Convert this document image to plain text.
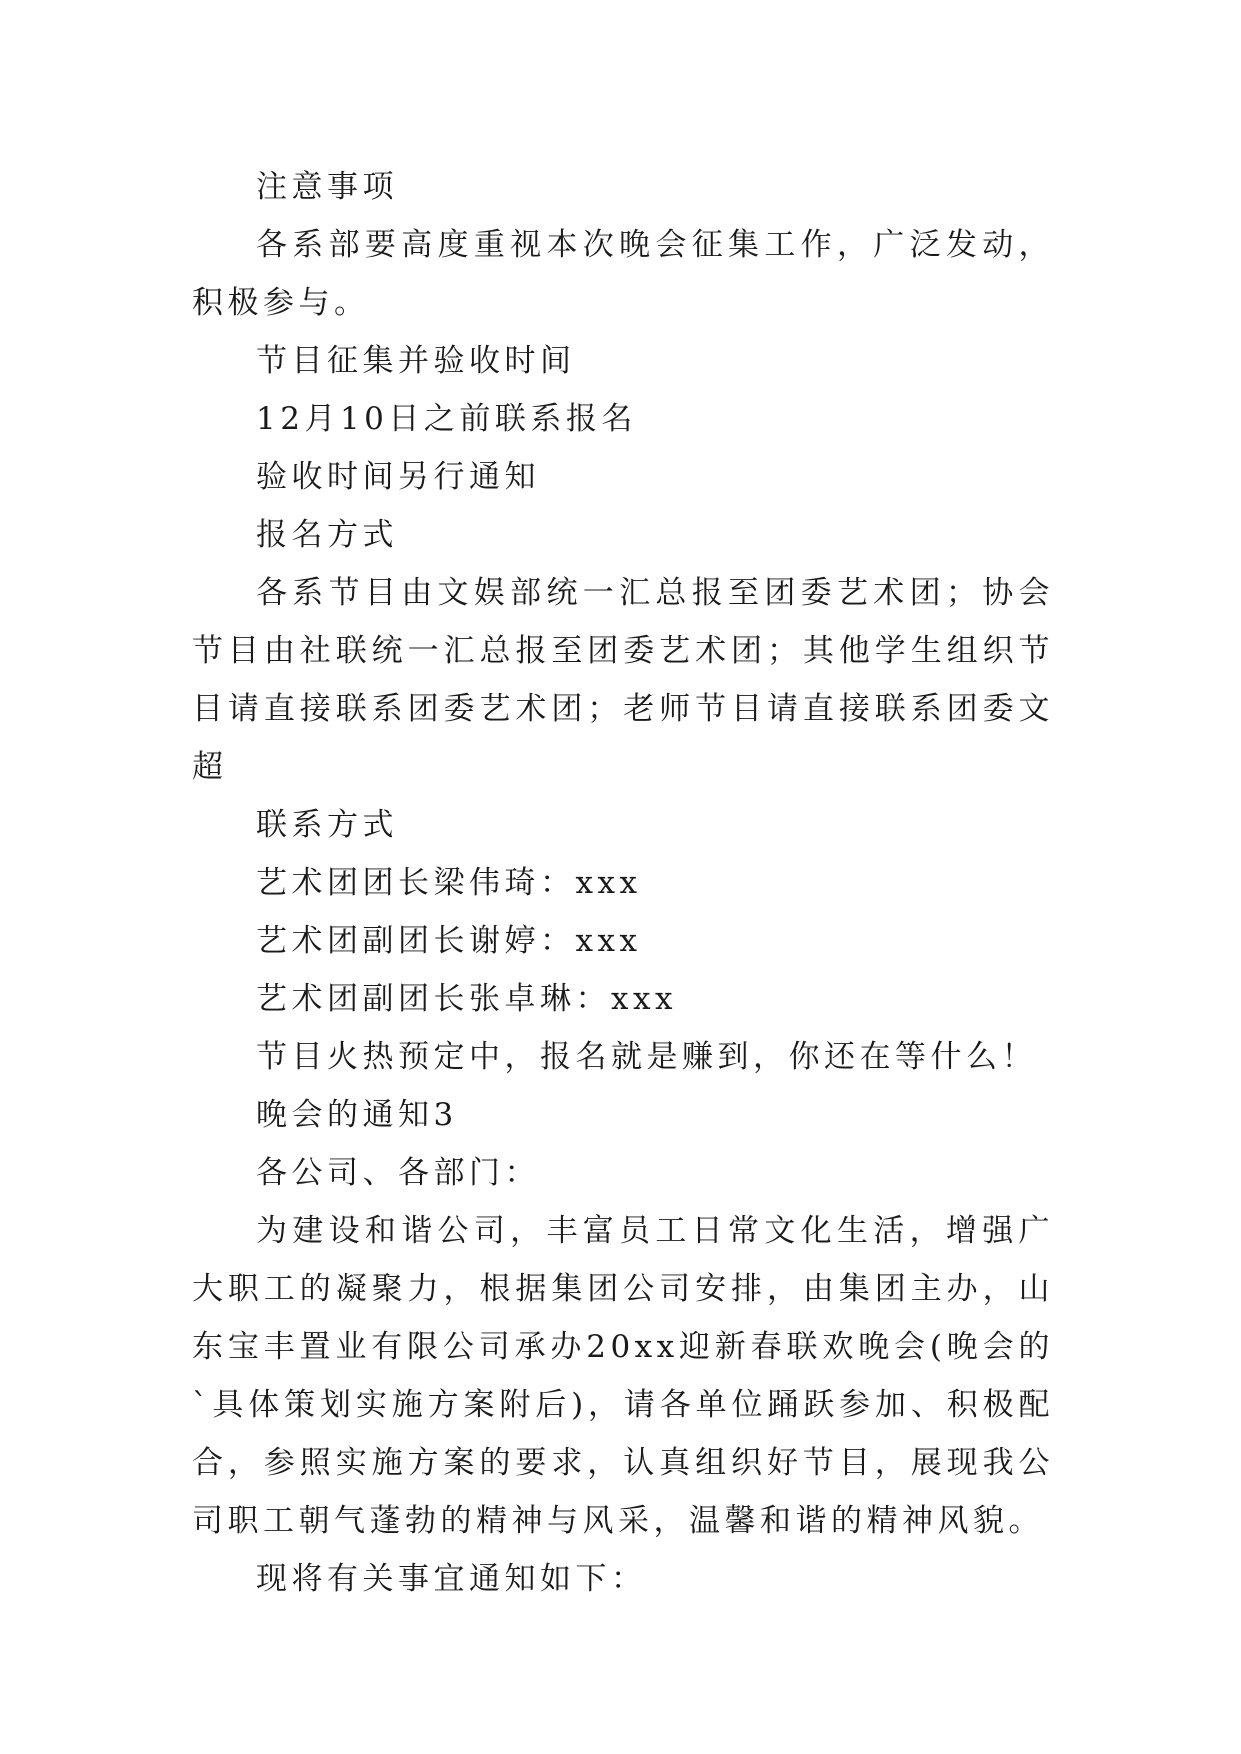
注意事项

各系部要高度重视本次晚会征集工作，广泛发动，积极参与。

节目征集并验收时间

12月10日之前联系报名

验收时间另行通知

报名方式

各系节目由文娱部统一汇总报至团委艺术团；协会节目由社联统一汇总报至团委艺术团；其他学生组织节目请直接联系团委艺术团；老师节目请直接联系团委文超

联系方式

艺术团团长梁伟琦：xxx

艺术团副团长谢婷：xxx

艺术团副团长张卓琳：xxx

节目火热预定中，报名就是赚到，你还在等什么！

晚会的通知3

各公司、各部门：

为建设和谐公司，丰富员工日常文化生活，增强广大职工的凝聚力，根据集团公司安排，由集团主办，山东宝丰置业有限公司承办20xx迎新春联欢晚会(晚会的`具体策划实施方案附后)，请各单位踊跃参加、积极配合，参照实施方案的要求，认真组织好节目，展现我公司职工朝气蓬勃的精神与风采，温馨和谐的精神风貌。

现将有关事宜通知如下：
